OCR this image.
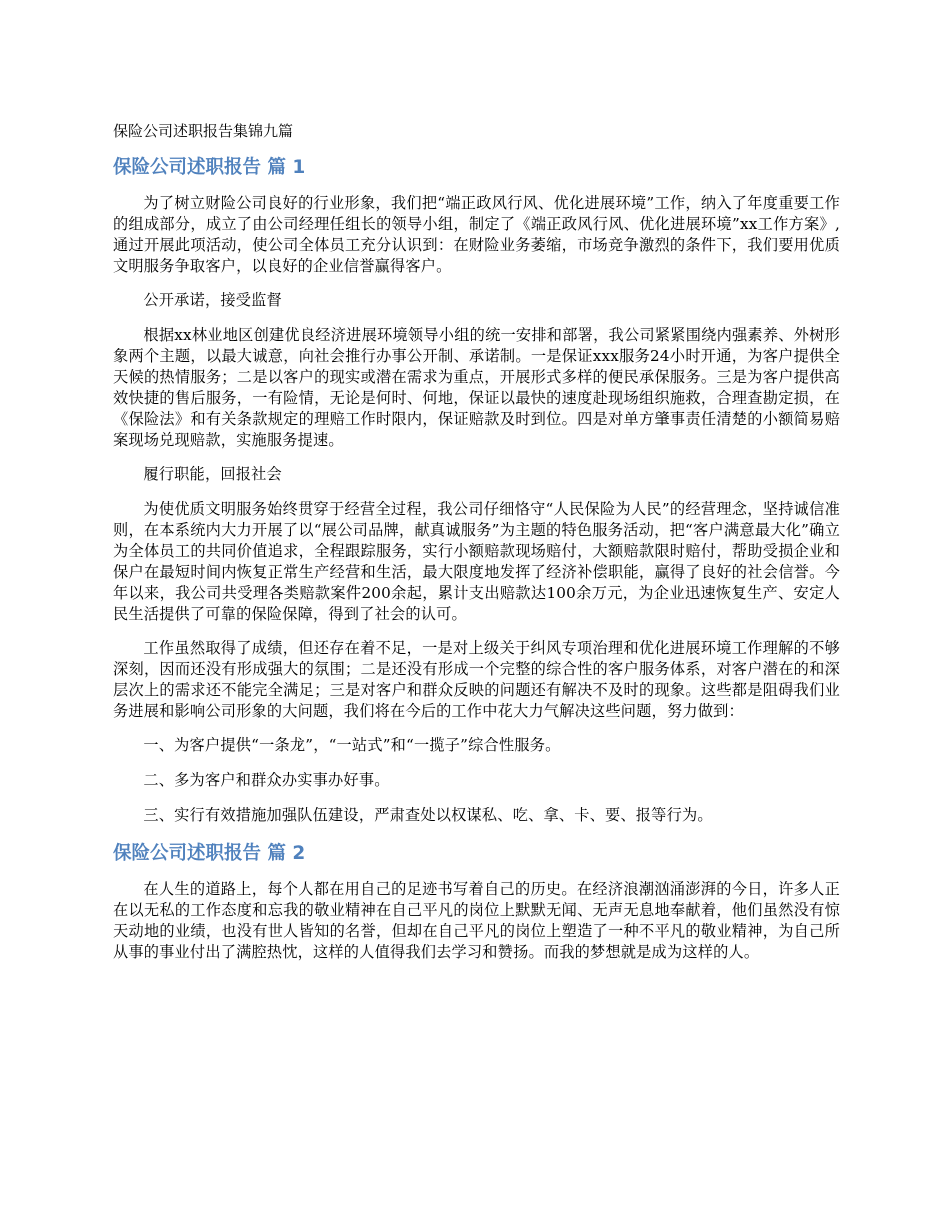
保险公司述职报告集锦九篇
保险公司述职报告 篇 1

为了树立财险公司良好的行业形象，我们把“端正政风行风、优化进展环境”工作，纳入了年度重要工作的组成部分，成立了由公司经理任组长的领导小组，制定了《端正政风行风、优化进展环境”xx工作方案》,通过开展此项活动，使公司全体员工充分认识到：在财险业务萎缩，市场竞争激烈的条件下，我们要用优质文明服务争取客户，以良好的企业信誉赢得客户。

公开承诺，接受监督

根据xx林业地区创建优良经济进展环境领导小组的统一安排和部署，我公司紧紧围绕内强素养、外树形象两个主题，以最大诚意，向社会推行办事公开制、承诺制。一是保证xxx服务24小时开通，为客户提供全天候的热情服务；二是以客户的现实或潜在需求为重点，开展形式多样的便民承保服务。三是为客户提供高效快捷的售后服务，一有险情，无论是何时、何地，保证以最快的速度赴现场组织施救，合理查勘定损，在《保险法》和有关条款规定的理赔工作时限内，保证赔款及时到位。四是对单方肇事责任清楚的小额简易赔案现场兑现赔款，实施服务提速。

履行职能，回报社会

为使优质文明服务始终贯穿于经营全过程，我公司仔细恪守“人民保险为人民”的经营理念，坚持诚信准则，在本系统内大力开展了以“展公司品牌，献真诚服务”为主题的特色服务活动，把“客户满意最大化”确立为全体员工的共同价值追求，全程跟踪服务，实行小额赔款现场赔付，大额赔款限时赔付，帮助受损企业和保户在最短时间内恢复正常生产经营和生活，最大限度地发挥了经济补偿职能，赢得了良好的社会信誉。今年以来，我公司共受理各类赔款案件200余起，累计支出赔款达100余万元，为企业迅速恢复生产、安定人民生活提供了可靠的保险保障，得到了社会的认可。

工作虽然取得了成绩，但还存在着不足，一是对上级关于纠风专项治理和优化进展环境工作理解的不够深刻，因而还没有形成强大的氛围；二是还没有形成一个完整的综合性的客户服务体系，对客户潜在的和深层次上的需求还不能完全满足；三是对客户和群众反映的问题还有解决不及时的现象。这些都是阻碍我们业务进展和影响公司形象的大问题，我们将在今后的工作中花大力气解决这些问题，努力做到：

一、为客户提供“一条龙”，“一站式”和“一揽子”综合性服务。

二、多为客户和群众办实事办好事。

三、实行有效措施加强队伍建设，严肃查处以权谋私、吃、拿、卡、要、报等行为。

保险公司述职报告 篇 2

在人生的道路上，每个人都在用自己的足迹书写着自己的历史。在经济浪潮汹涌澎湃的今日，许多人正在以无私的工作态度和忘我的敬业精神在自己平凡的岗位上默默无闻、无声无息地奉献着，他们虽然没有惊天动地的业绩，也没有世人皆知的名誉，但却在自己平凡的岗位上塑造了一种不平凡的敬业精神，为自己所从事的事业付出了满腔热忱，这样的人值得我们去学习和赞扬。而我的梦想就是成为这样的人。
